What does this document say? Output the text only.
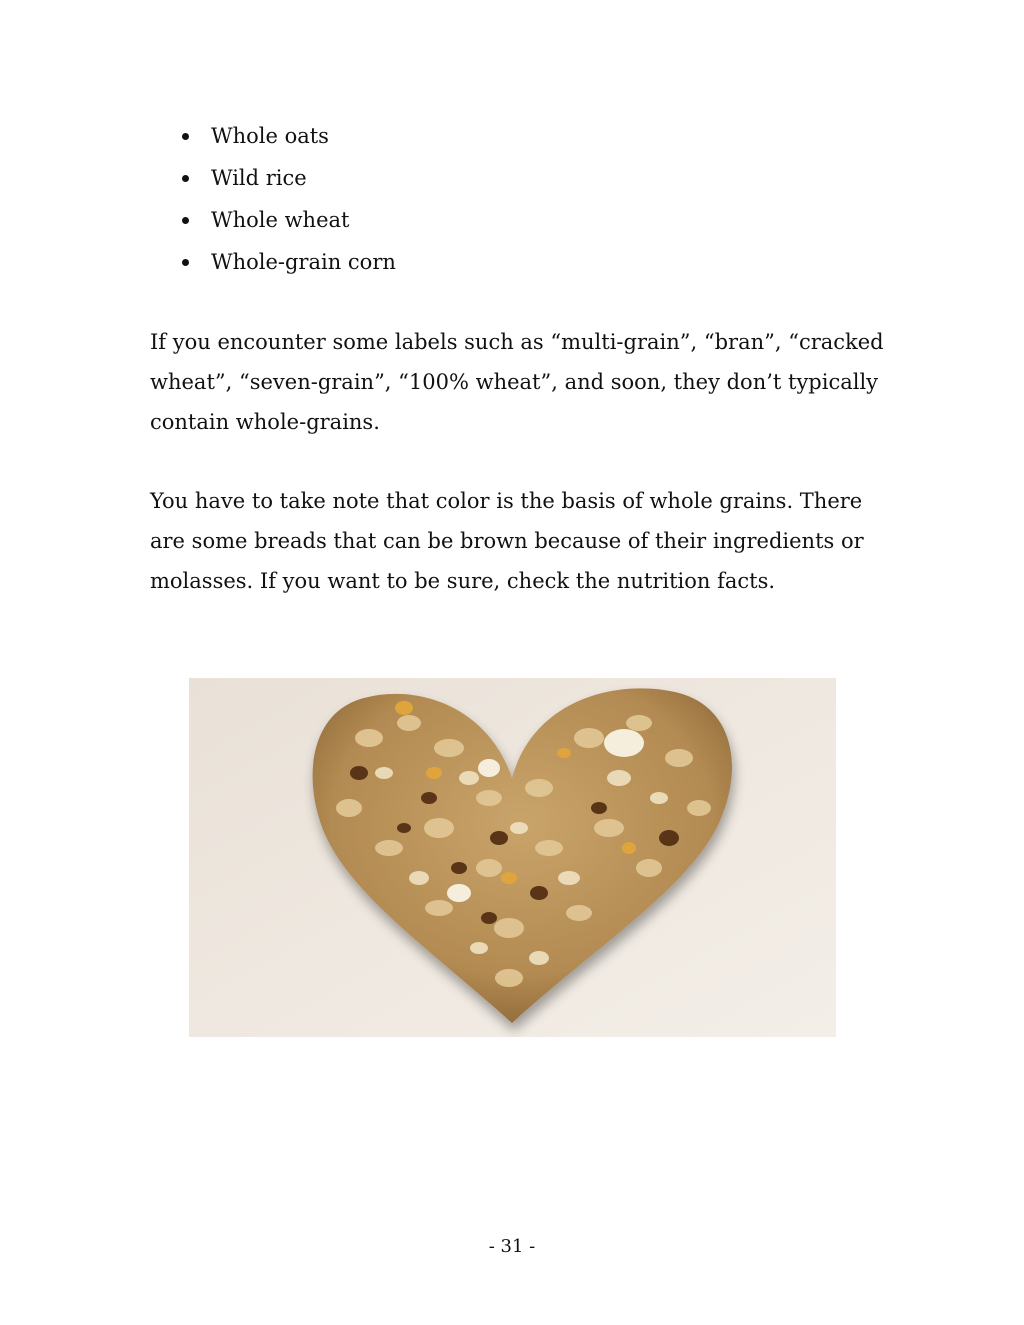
Whole oats
Wild rice
Whole wheat
Whole-grain corn

If you encounter some labels such as “multi-grain”, “bran”, “cracked wheat”, “seven-grain”, “100% wheat”, and soon, they don’t typically contain whole-grains.

You have to take note that color is the basis of whole grains. There are some breads that can be brown because of their ingredients or molasses. If you want to be sure, check the nutrition facts.

- 31 -
